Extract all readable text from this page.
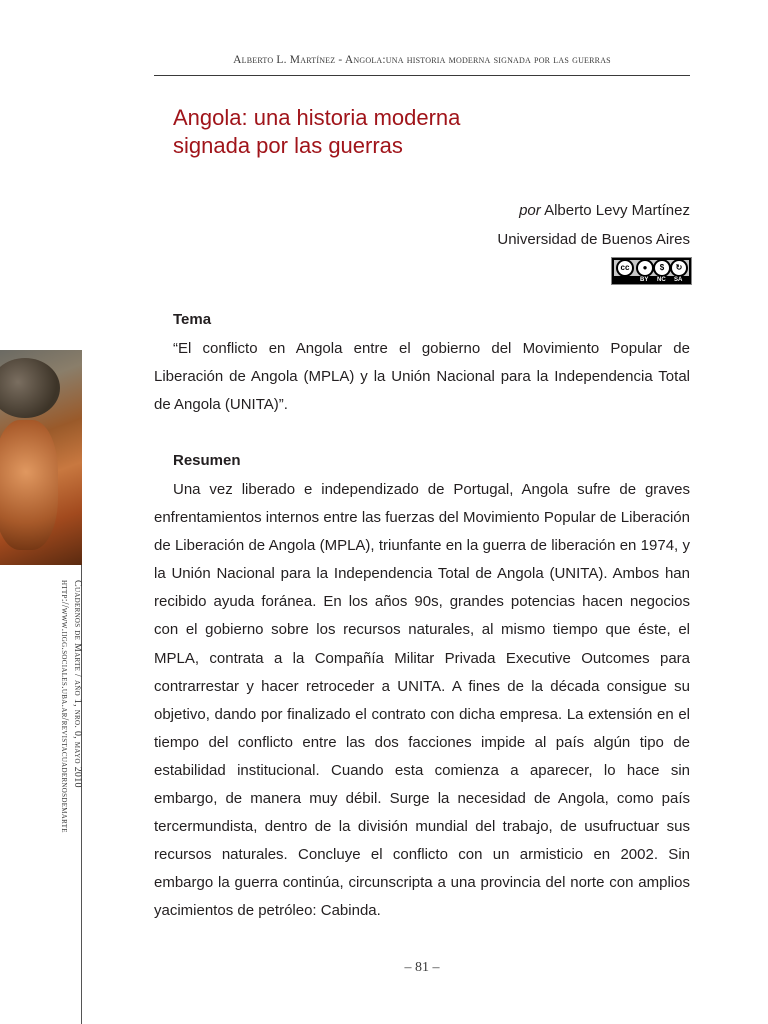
Alberto L. Martínez - Angola:una historia moderna signada por las guerras
Angola: una historia moderna
signada por las guerras
por Alberto Levy Martínez
Universidad de Buenos Aires
cc	●	$	↻
BY NC SA
Tema

“El conflicto en Angola entre el gobierno del Movimiento Popular de Liberación de Angola (MPLA) y la Unión Nacional para la Independencia Total de Angola (UNITA)”.

Resumen

Una vez liberado e independizado de Portugal, Angola sufre de graves enfrentamientos internos entre las fuerzas del Movimiento Popular de Liberación de Liberación de Angola (MPLA), triunfante en la guerra de liberación en 1974, y la Unión Nacional para la Independencia Total de Angola (UNITA). Ambos han recibido ayuda foránea. En los años 90s, grandes potencias hacen negocios con el gobierno sobre los recursos naturales, al mismo tiempo que éste, el MPLA, contrata a la Compañía Militar Privada Executive Outcomes para contrarrestar y hacer retroceder a UNITA. A fines de la década consigue su objetivo, dando por finalizado el contrato con dicha empresa. La extensión en el tiempo del conflicto entre las dos facciones impide al país algún tipo de estabilidad institucional. Cuando esta comienza a aparecer, lo hace sin embargo, de manera muy débil. Surge la necesidad de Angola, como país tercermundista, dentro de la división mundial del trabajo, de usufructuar sus recursos naturales. Concluye el conflicto con un armisticio en 2002. Sin embargo la guerra continúa, circunscripta a una provincia del norte con amplios yacimientos de petróleo: Cabinda.

Cuadernos de Marte / año 1, nro. 0, mayo 2010
http://www.iigg.sociales.uba.ar/revistacuadernosdemarte
– 81 –
